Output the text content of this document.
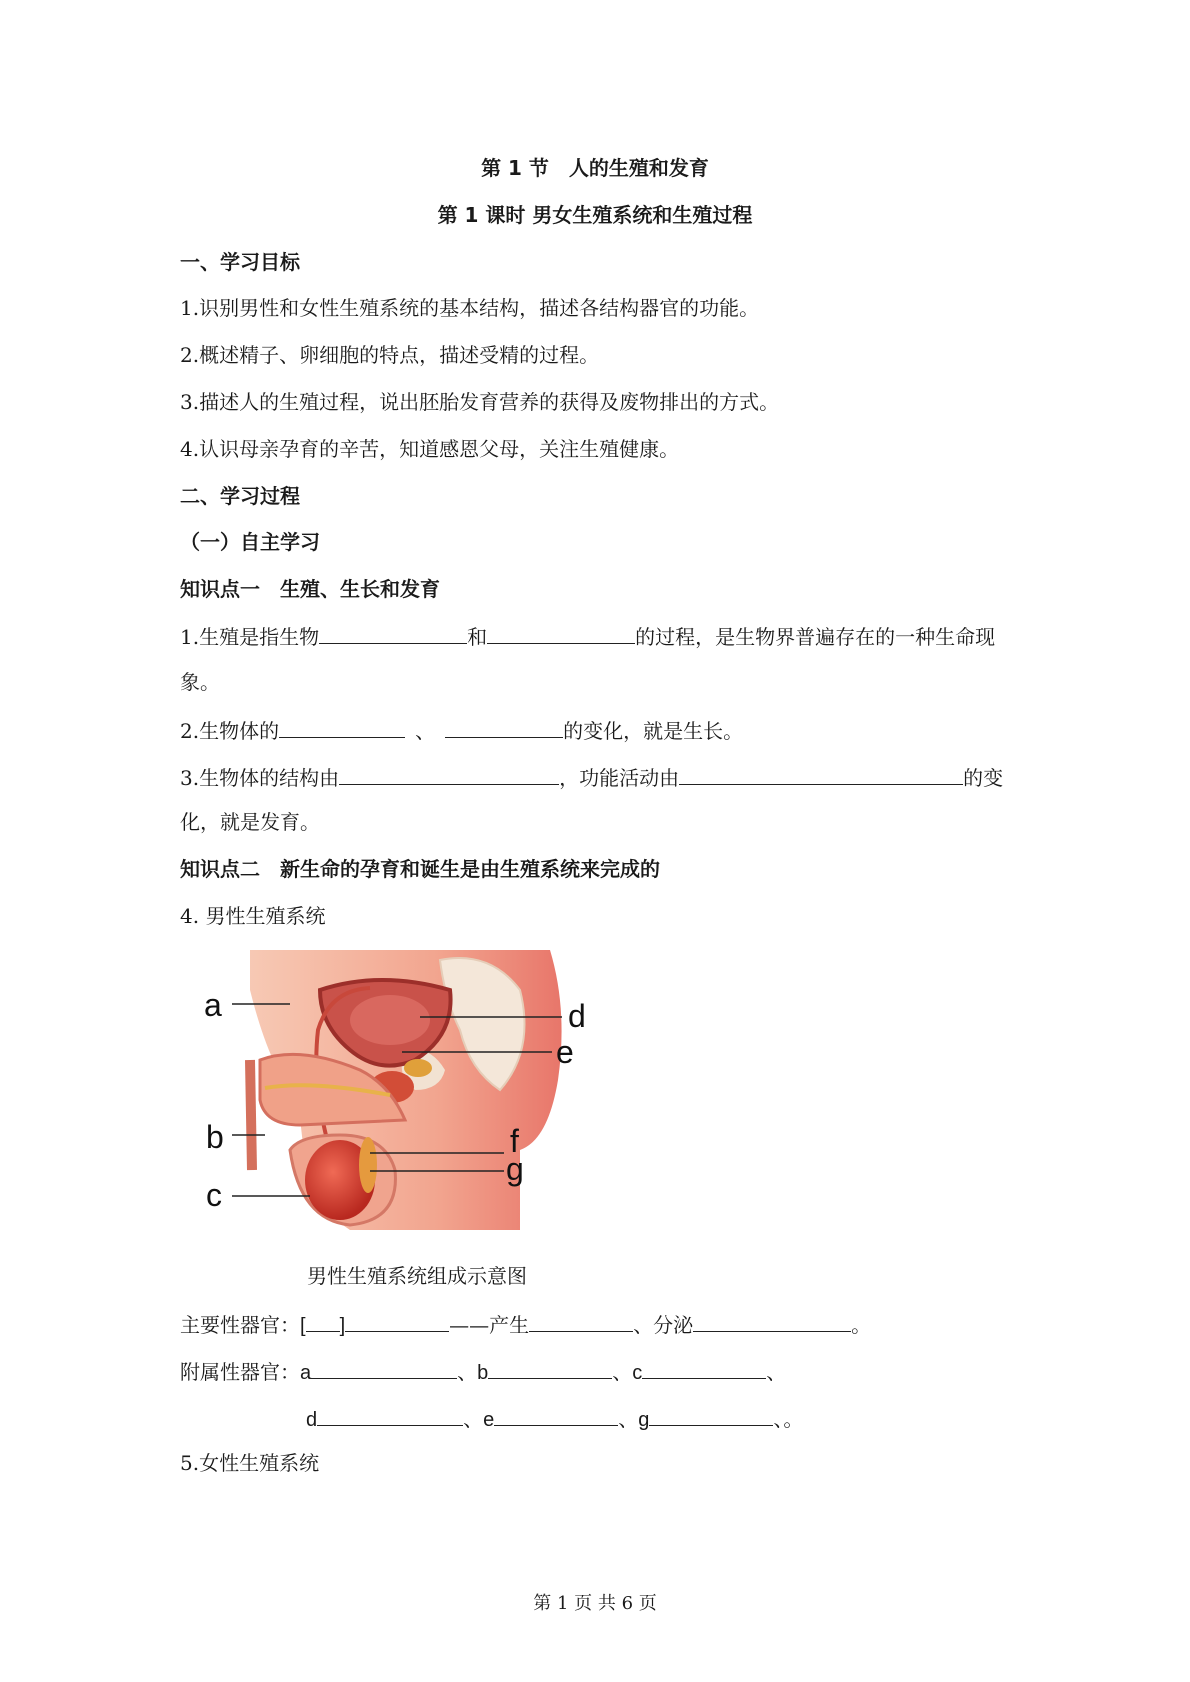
第 1 节　人的生殖和发育
第 1 课时 男女生殖系统和生殖过程
一、学习目标
1.识别男性和女性生殖系统的基本结构，描述各结构器官的功能。
2.概述精子、卵细胞的特点，描述受精的过程。
3.描述人的生殖过程，说出胚胎发育营养的获得及废物排出的方式。
4.认识母亲孕育的辛苦，知道感恩父母，关注生殖健康。
二、学习过程
（一）自主学习
知识点一　生殖、生长和发育
1.生殖是指生物	和	的过程，是生物界普遍存在的一种生命现
象。
2.生物体的	、	的变化，就是生长。
3.生物体的结构由	，功能活动由	的变
化，就是发育。
知识点二　新生命的孕育和诞生是由生殖系统来完成的
4. 男性生殖系统
a
b
c
d
e
f
g
男性生殖系统组成示意图
主要性器官：[ ]	——产生	、分泌	。
附属性器官：a	、b	、c	、
d	、e	、g	、。
5.女性生殖系统
第 1 页 共 6 页
